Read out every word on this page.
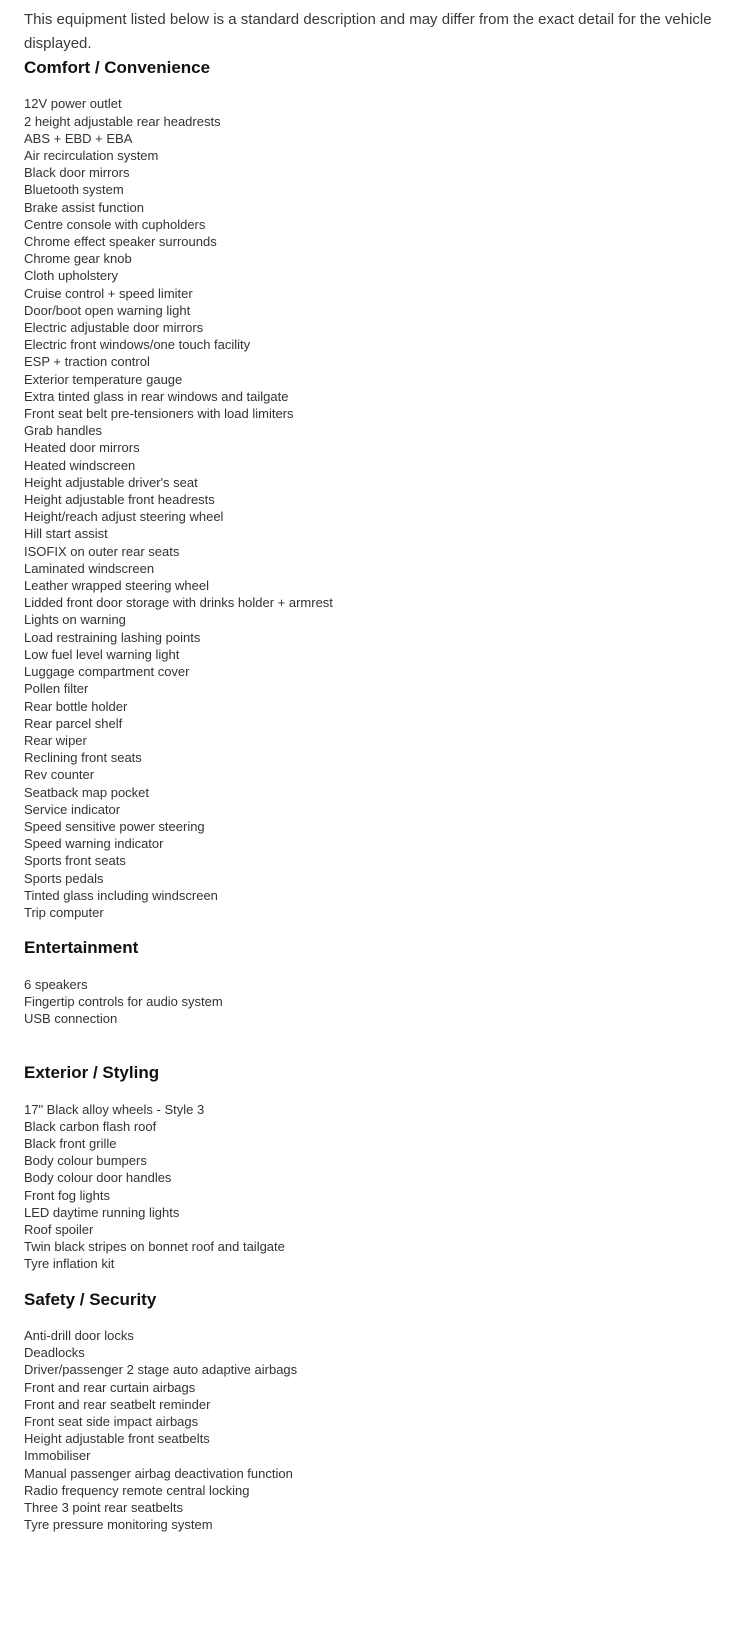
This equipment listed below is a standard description and may differ from the exact detail for the vehicle displayed.

Comfort / Convenience
12V power outlet
2 height adjustable rear headrests
ABS + EBD + EBA
Air recirculation system
Black door mirrors
Bluetooth system
Brake assist function
Centre console with cupholders
Chrome effect speaker surrounds
Chrome gear knob
Cloth upholstery
Cruise control + speed limiter
Door/boot open warning light
Electric adjustable door mirrors
Electric front windows/one touch facility
ESP + traction control
Exterior temperature gauge
Extra tinted glass in rear windows and tailgate
Front seat belt pre-tensioners with load limiters
Grab handles
Heated door mirrors
Heated windscreen
Height adjustable driver's seat
Height adjustable front headrests
Height/reach adjust steering wheel
Hill start assist
ISOFIX on outer rear seats
Laminated windscreen
Leather wrapped steering wheel
Lidded front door storage with drinks holder + armrest
Lights on warning
Load restraining lashing points
Low fuel level warning light
Luggage compartment cover
Pollen filter
Rear bottle holder
Rear parcel shelf
Rear wiper
Reclining front seats
Rev counter
Seatback map pocket
Service indicator
Speed sensitive power steering
Speed warning indicator
Sports front seats
Sports pedals
Tinted glass including windscreen
Trip computer
Entertainment
6 speakers
Fingertip controls for audio system
USB connection
Exterior / Styling
17" Black alloy wheels - Style 3
Black carbon flash roof
Black front grille
Body colour bumpers
Body colour door handles
Front fog lights
LED daytime running lights
Roof spoiler
Twin black stripes on bonnet roof and tailgate
Tyre inflation kit
Safety / Security
Anti-drill door locks
Deadlocks
Driver/passenger 2 stage auto adaptive airbags
Front and rear curtain airbags
Front and rear seatbelt reminder
Front seat side impact airbags
Height adjustable front seatbelts
Immobiliser
Manual passenger airbag deactivation function
Radio frequency remote central locking
Three 3 point rear seatbelts
Tyre pressure monitoring system
